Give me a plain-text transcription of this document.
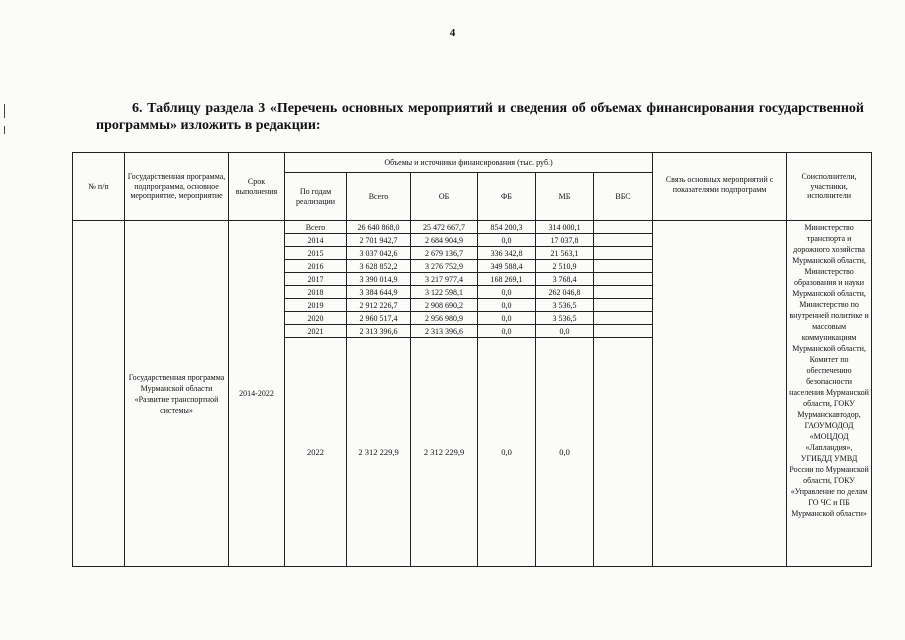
4
6. Таблицу раздела 3 «Перечень основных мероприятий и сведения об объемах финансирования государственной программы» изложить в редакции:
№ п/п	Государственная программа, подпрограмма, основное мероприятие, мероприятие	Срок выполнения	Объемы и источники финансирования (тыс. руб.)						Связь основных мероприятий с показателями подпрограмм	Соисполнители, участники, исполнители
			По годам реализации	Всего	ОБ	ФБ	МБ	ВБС		
	Государственная программа Мурманской области «Развитие транспортной системы»	2014-2022	Всего	26 640 868,0	25 472 667,7	854 200,3	314 000,1			Министерство транспорта и дорожного хозяйства Мурманской области, Министерство образования и науки Мурманской области, Министерство по внутренней политике и массовым коммуникациям Мурманской области, Комитет по обеспечению безопасности населения Мурманской области, ГОКУ Мурманскавтодор, ГАОУМОДОД «МОЦДОД «Лапландия», УГИБДД УМВД России по Мурманской области, ГОКУ «Управление по делам ГО ЧС и ПБ Мурманской области»
			2014	2 701 942,7	2 684 904,9	0,0	17 037,8			
			2015	3 037 042,6	2 679 136,7	336 342,8	21 563,1			
			2016	3 628 852,2	3 276 752,9	349 588,4	2 510,9			
			2017	3 390 014,9	3 217 977,4	168 269,1	3 768,4			
			2018	3 384 644,9	3 122 598,1	0,0	262 046,8			
			2019	2 912 226,7	2 908 690,2	0,0	3 536,5			
			2020	2 960 517,4	2 956 980,9	0,0	3 536,5			
			2021	2 313 396,6	2 313 396,6	0,0	0,0			
			2022	2 312 229,9	2 312 229,9	0,0	0,0			
